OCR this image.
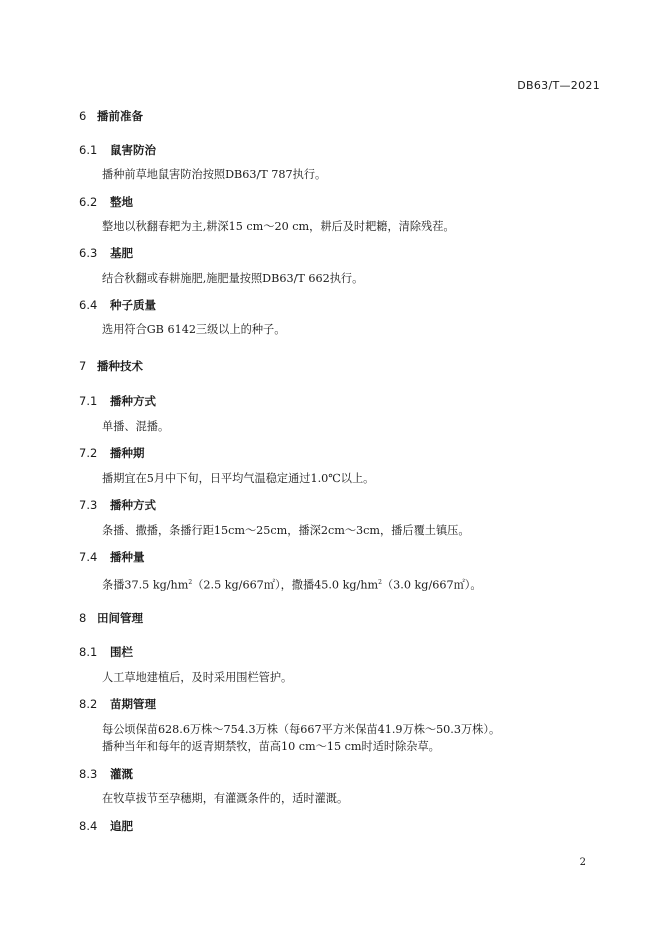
DB63/T—2021
6 播前准备
6.1 鼠害防治
播种前草地鼠害防治按照DB63/T 787执行。
6.2 整地
整地以秋翻春耙为主,耕深15 cm～20 cm，耕后及时耙耱，清除残茬。
6.3 基肥
结合秋翻或春耕施肥,施肥量按照DB63/T 662执行。
6.4 种子质量
选用符合GB 6142三级以上的种子。
7 播种技术
7.1 播种方式
单播、混播。
7.2 播种期
播期宜在5月中下旬，日平均气温稳定通过1.0℃以上。
7.3 播种方式
条播、撒播，条播行距15cm～25cm，播深2cm～3cm，播后覆土镇压。
7.4 播种量
条播37.5 $kg/hm^2(2.5$ kg/667㎡），撒播45.0 $kg/hm^2(3.0$ kg/667㎡）。
8 田间管理
8.1 围栏
人工草地建植后，及时采用围栏管护。
8.2 苗期管理
每公顷保苗628.6万株～754.3万株（每667平方米保苗41.9万株～50.3万株）。
播种当年和每年的返青期禁牧，苗高10 cm～15 cm时适时除杂草。
8.3 灌溉
在牧草拔节至孕穗期，有灌溉条件的，适时灌溉。
8.4 追肥
2
